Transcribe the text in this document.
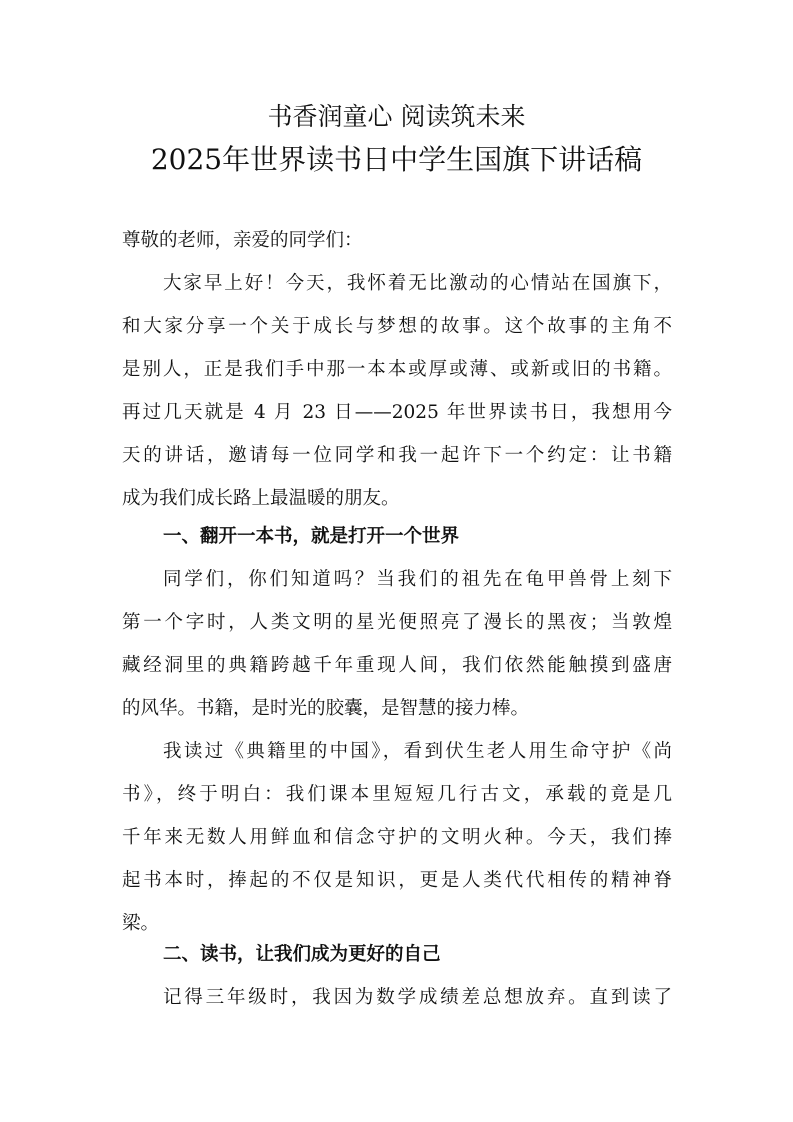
书香润童心 阅读筑未来
2025年世界读书日中学生国旗下讲话稿
尊敬的老师，亲爱的同学们：
大家早上好！今天，我怀着无比激动的心情站在国旗下，
和大家分享一个关于成长与梦想的故事。这个故事的主角不
是别人，正是我们手中那一本本或厚或薄、或新或旧的书籍。
再过几天就是 4 月 23 日——2025 年世界读书日，我想用今
天的讲话，邀请每一位同学和我一起许下一个约定：让书籍
成为我们成长路上最温暖的朋友。
一、翻开一本书，就是打开一个世界
同学们，你们知道吗？当我们的祖先在龟甲兽骨上刻下
第一个字时，人类文明的星光便照亮了漫长的黑夜；当敦煌
藏经洞里的典籍跨越千年重现人间，我们依然能触摸到盛唐
的风华。书籍，是时光的胶囊，是智慧的接力棒。
我读过《典籍里的中国》，看到伏生老人用生命守护《尚
书》，终于明白：我们课本里短短几行古文，承载的竟是几
千年来无数人用鲜血和信念守护的文明火种。今天，我们捧
起书本时，捧起的不仅是知识，更是人类代代相传的精神脊
梁。
二、读书，让我们成为更好的自己
记得三年级时，我因为数学成绩差总想放弃。直到读了
